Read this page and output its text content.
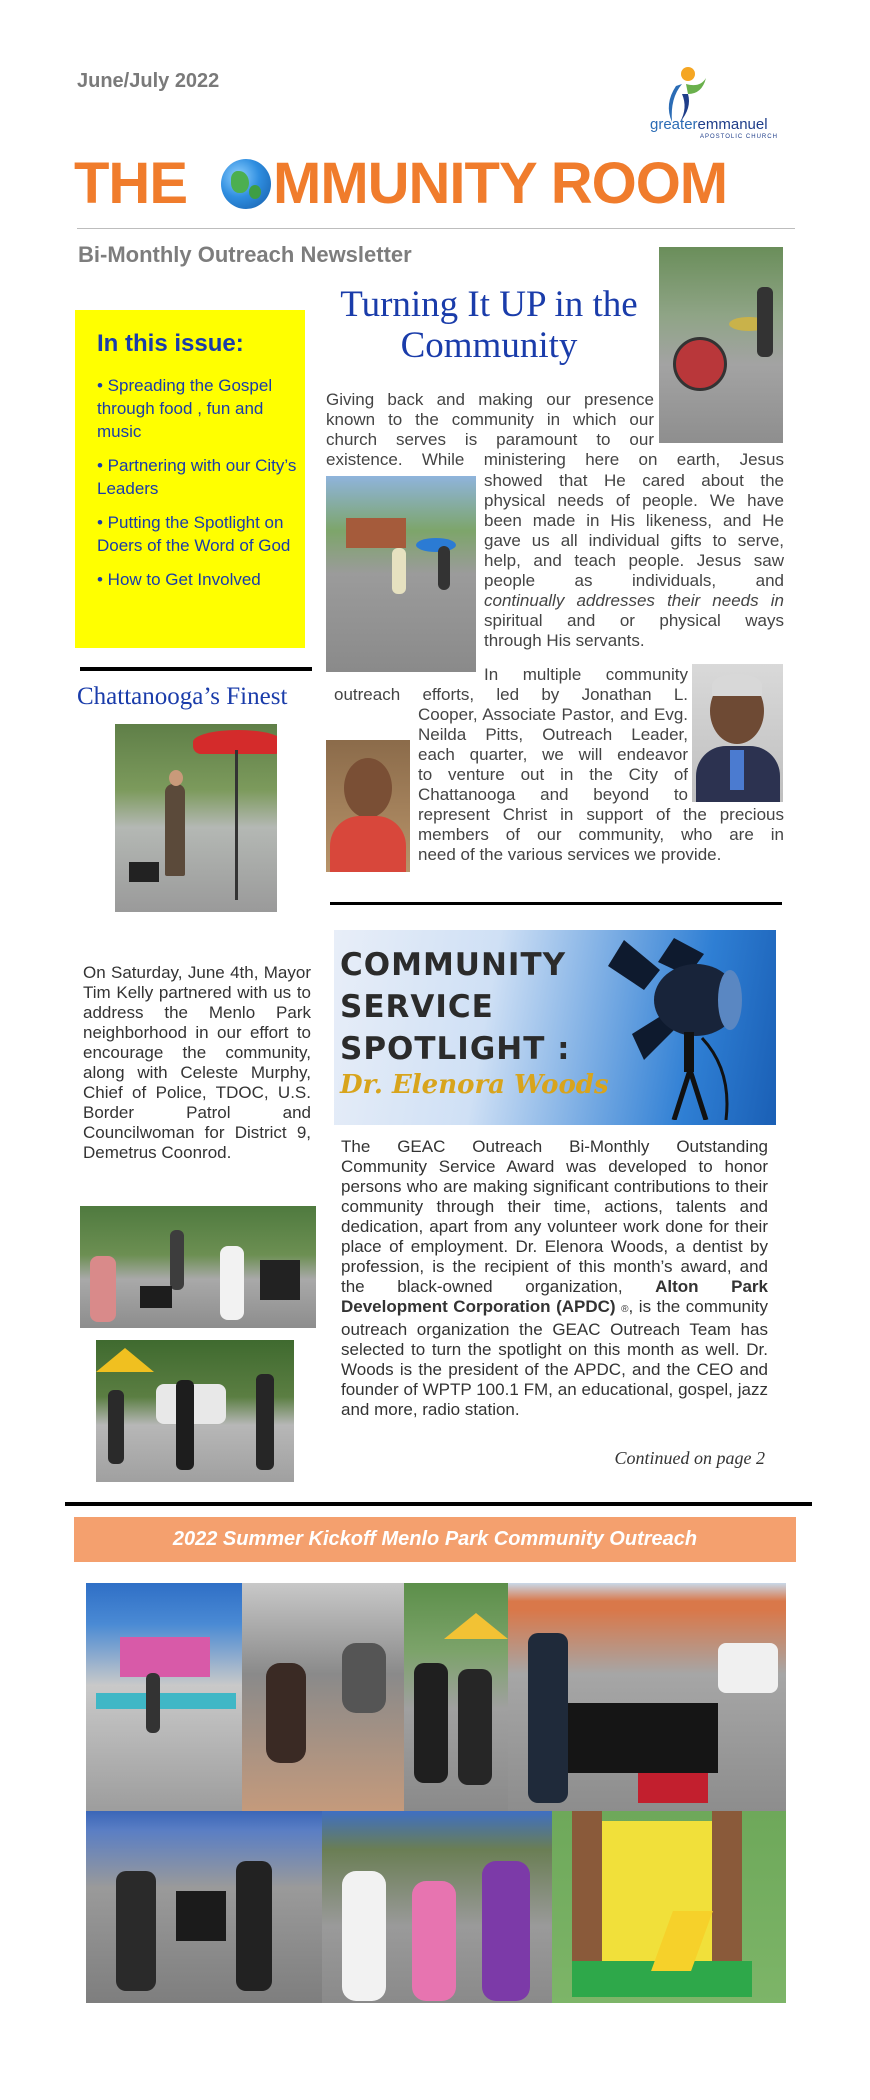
June/July 2022
greateremmanuel
APOSTOLIC CHURCH
THE MMUNITY ROOM
Bi-Monthly Outreach Newsletter
In this issue:
• Spreading the Gospel through food , fun and music
• Partnering with our City’s Leaders
• Putting the Spotlight on Doers of the Word of God
• How to Get Involved
Chattanooga’s Finest
On Saturday, June 4th, Mayor Tim Kelly partnered with us to address the Menlo Park neighborhood in our effort to encourage the community, along with Celeste Murphy, Chief of Police, TDOC, U.S. Border Patrol and Councilwoman for District 9, Demetrus Coonrod.
Turning It UP in the Community
Giving back and making our presence
known to the community in which our
church serves is paramount to our
existence. While ministering here on earth, Jesus
showed that He cared about the
physical needs of people. We have
been made in His likeness, and He
gave us all individual gifts to serve,
help, and teach people. Jesus saw
people as individuals, and
continually addresses their needs in
spiritual and or physical ways
through His servants.
In multiple community
outreach efforts, led by Jonathan L.
Cooper, Associate Pastor, and Evg.
Neilda Pitts, Outreach Leader,
each quarter, we will endeavor
to venture out in the City of
Chattanooga and beyond to
represent Christ in support of the precious
members of our community, who are in
need of the various services we provide.
COMMUNITY
SERVICE
SPOTLIGHT :
Dr. Elenora Woods
The GEAC Outreach Bi-Monthly Outstanding Community Service Award was developed to honor persons who are making significant contributions to their community through their time, actions, talents and dedication, apart from any volunteer work done for their place of employment. Dr. Elenora Woods, a dentist by profession, is the recipient of this month’s award, and the black-owned organization, Alton Park Development Corporation (APDC) ®, is the community outreach organization the GEAC Outreach Team has selected to turn the spotlight on this month as well. Dr. Woods is the president of the APDC, and the CEO and founder of WPTP 100.1 FM, an educational, gospel, jazz and more, radio station.
Continued on page 2
2022 Summer Kickoff Menlo Park Community Outreach
